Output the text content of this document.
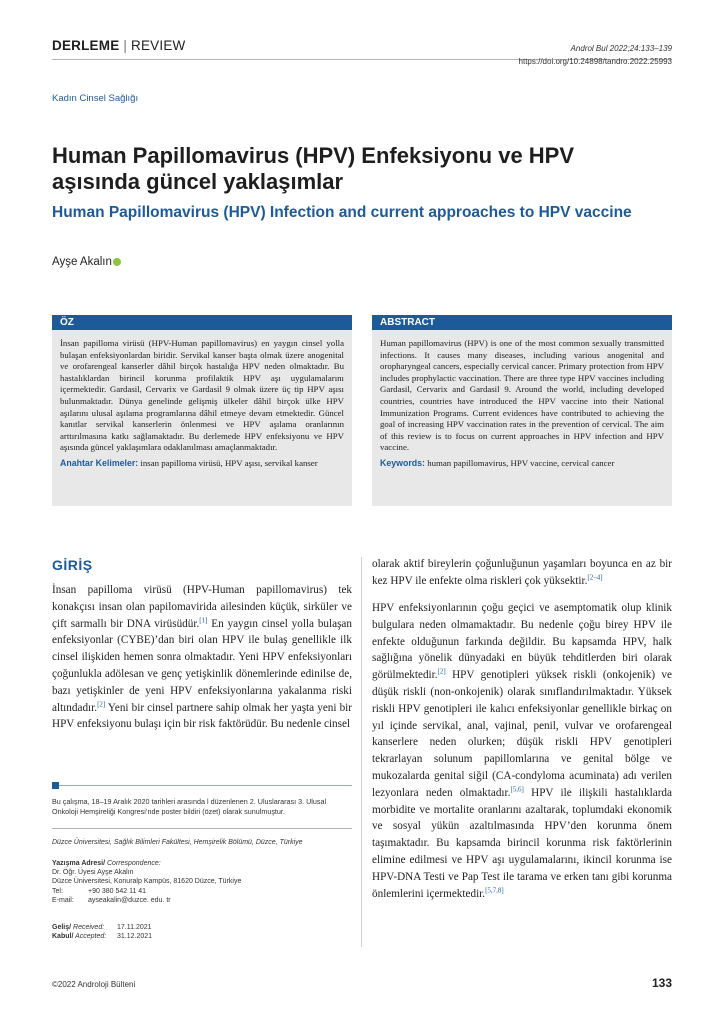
DERLEME | REVIEW	Androl Bul 2022;24:133–139
https://doi.org/10.24898/tandro.2022.25993
Kadın Cinsel Sağlığı
Human Papillomavirus (HPV) Enfeksiyonu ve HPV aşısında güncel yaklaşımlar
Human Papillomavirus (HPV) Infection and current approaches to HPV vaccine
Ayşe Akalın
ÖZ
İnsan papilloma virüsü (HPV-Human papillomavirus) en yaygın cinsel yolla bulaşan enfeksiyonlardan biridir. Servikal kanser başta olmak üzere anogenital ve orofarengeal kanserler dâhil birçok hastalığa HPV neden olmaktadır. Bu hastalıklardan birincil korunma profilaktik HPV aşı uygulamalarını içermektedir. Gardasil, Cervarix ve Gardasil 9 olmak üzere üç tip HPV aşısı bulunmaktadır. Dünya genelinde gelişmiş ülkeler dâhil birçok ülke HPV aşılarını ulusal aşılama programlarına dâhil etmeye devam etmektedir. Güncel kanıtlar servikal kanserlerin önlenmesi ve HPV aşılama oranlarının arttırılmasına katkı sağlamaktadır. Bu derlemede HPV enfeksiyonu ve HPV aşısında güncel yaklaşımlara odaklanılması amaçlanmaktadır.
Anahtar Kelimeler: insan papilloma virüsü, HPV aşısı, servikal kanser
ABSTRACT
Human papillomavirus (HPV) is one of the most common sexually transmitted infections. It causes many diseases, including various anogenital and oropharyngeal cancers, especially cervical cancer. Primary protection from HPV includes prophylactic vaccination. There are three type HPV vaccines including Gardasil, Cervarix and Gardasil 9. Around the world, including developed countries, countries have introduced the HPV vaccine into their National Immunization Programs. Current evidences have contributed to achieving the goal of increasing HPV vaccination rates in the prevention of cervical. The aim of this review is to focus on current approaches in HPV infection and HPV vaccine.
Keywords: human papillomavirus, HPV vaccine, cervical cancer
GİRİŞ
İnsan papilloma virüsü (HPV-Human papillomavirus) tek konakçısı insan olan papilomavirida ailesinden küçük, sirküler ve çift sarmallı bir DNA virüsüdür.[1] En yaygın cinsel yolla bulaşan enfeksiyonlar (CYBE)’dan biri olan HPV ile bulaş genellikle ilk cinsel ilişkiden hemen sonra olmaktadır. Yeni HPV enfeksiyonları çoğunlukla adölesan ve genç yetişkinlik dönemlerinde edinilse de, bazı yetişkinler de yeni HPV enfeksiyonlarına yakalanma riski altındadır.[2] Yeni bir cinsel partnere sahip olmak her yaşta yeni bir HPV enfeksiyonu bulaşı için bir risk faktörüdür. Bu nedenle cinsel
olarak aktif bireylerin çoğunluğunun yaşamları boyunca en az bir kez HPV ile enfekte olma riskleri çok yüksektir.[2–4]
HPV enfeksiyonlarının çoğu geçici ve asemptomatik olup klinik bulgulara neden olmamaktadır. Bu nedenle çoğu birey HPV ile enfekte olduğunun farkında değildir. Bu kapsamda HPV, halk sağlığına yönelik dünyadaki en büyük tehditlerden biri olarak görülmektedir.[2] HPV genotipleri yüksek riskli (onkojenik) ve düşük riskli (non-onkojenik) olarak sınıflandırılmaktadır. Yüksek riskli HPV genotipleri ile kalıcı enfeksiyonlar genellikle birkaç on yıl içinde servikal, anal, vajinal, penil, vulvar ve orofarengeal kanserlere neden olurken; düşük riskli HPV genotipleri tekrarlayan solunum papillomlarına ve genital bölge ve mukozalarda genital siğil (CA-condyloma acuminata) adı verilen lezyonlara neden olmaktadır.[5,6] HPV ile ilişkili hastalıklarda morbidite ve mortalite oranlarını azaltarak, toplumdaki ekonomik ve sosyal yükün azaltılmasında HPV’den korunma önem taşımaktadır. Bu kapsamda birincil korunma risk faktörlerinin elimine edilmesi ve HPV aşı uygulamalarını, ikincil korunma ise HPV-DNA Testi ve Pap Test ile tarama ve erken tanı gibi korunma önlemlerini içermektedir.[5,7,8]
Bu çalışma, 18–19 Aralık 2020 tarihleri arasında l düzenlenen 2. Uluslararası 3. Ulusal Onkoloji Hemşireliği Kongresi’nde poster bildiri (özet) olarak sunulmuştur.
Düzce Üniversitesi, Sağlık Bilimleri Fakültesi, Hemşirelik Bölümü, Düzce, Türkiye
Yazışma Adresi/ Correspondence:
Dr. Öğr. Üyesi Ayşe Akalın
Düzce Üniversitesi, Konuralp Kampüs, 81620 Düzce, Türkiye
Tel:	+90 380 542 11 41
E-mail:	ayseakalin@duzce. edu. tr
Geliş/ Received:	17.11.2021
Kabul/ Accepted:	31.12.2021
©2022 Androloji Bülteni	133
